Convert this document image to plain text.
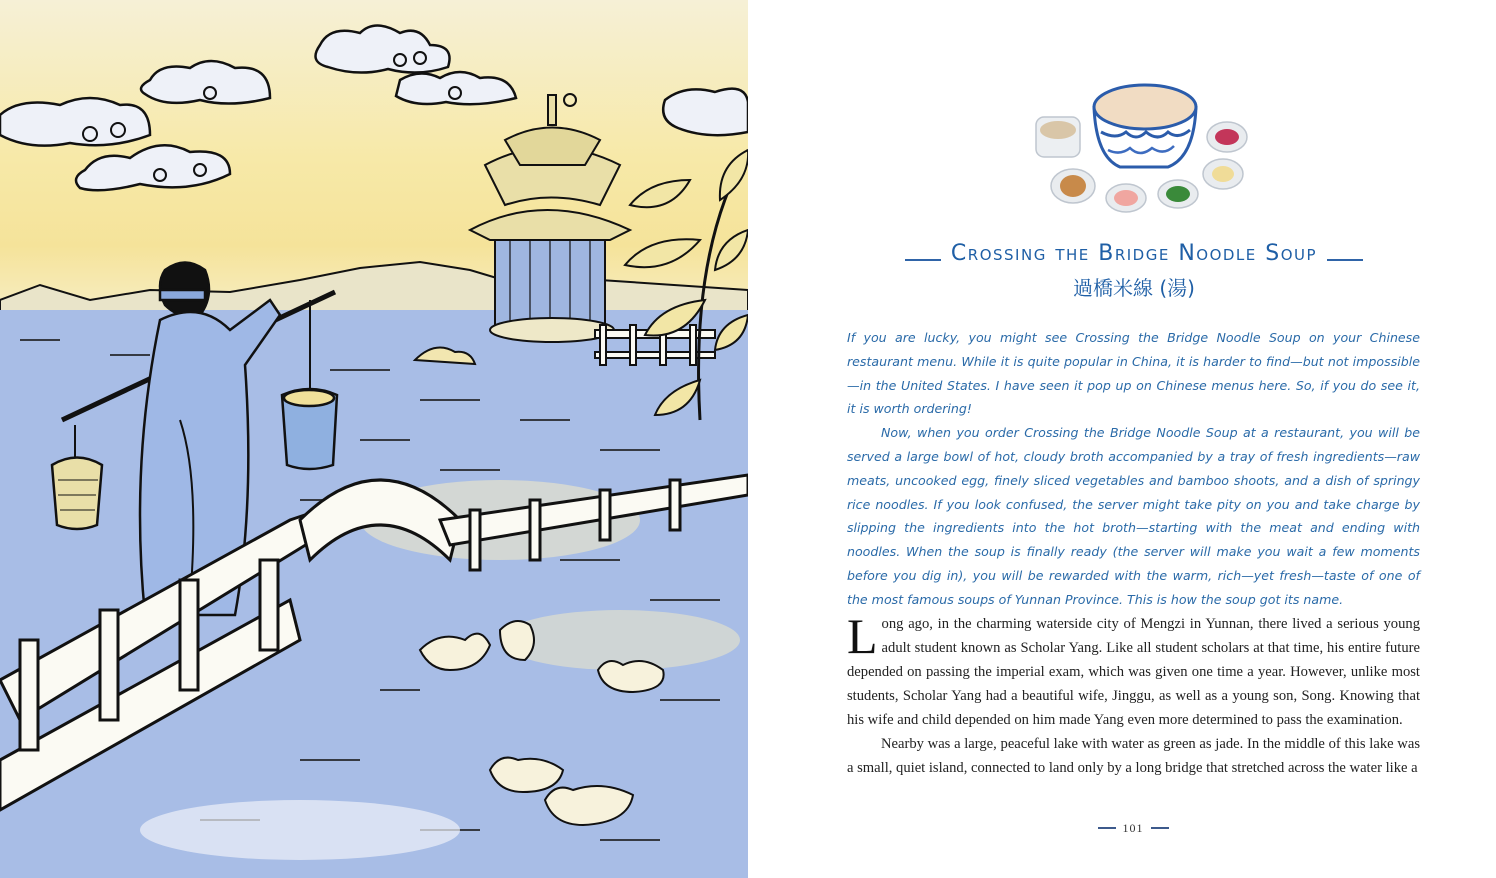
Crossing the Bridge Noodle Soup
過橋米線 (湯)

If you are lucky, you might see Crossing the Bridge Noodle Soup on your Chinese restaurant menu. While it is quite popular in China, it is harder to find—but not impossible—in the United States. I have seen it pop up on Chinese menus here. So, if you do see it, it is worth ordering!

Now, when you order Crossing the Bridge Noodle Soup at a restaurant, you will be served a large bowl of hot, cloudy broth accompanied by a tray of fresh ingredients—raw meats, uncooked egg, finely sliced vegetables and bamboo shoots, and a dish of springy rice noodles. If you look confused, the server might take pity on you and take charge by slipping the ingredients into the hot broth—starting with the meat and ending with noodles. When the soup is finally ready (the server will make you wait a few moments before you dig in), you will be rewarded with the warm, rich—yet fresh—taste of one of the most famous soups of Yunnan Province. This is how the soup got its name.

Long ago, in the charming waterside city of Mengzi in Yunnan, there lived a serious young adult student known as Scholar Yang. Like all student scholars at that time, his entire future depended on passing the imperial exam, which was given one time a year. However, unlike most students, Scholar Yang had a beautiful wife, Jinggu, as well as a young son, Song. Knowing that his wife and child depended on him made Yang even more determined to pass the examination.

Nearby was a large, peaceful lake with water as green as jade. In the middle of this lake was a small, quiet island, connected to land only by a long bridge that stretched across the water like a

101
